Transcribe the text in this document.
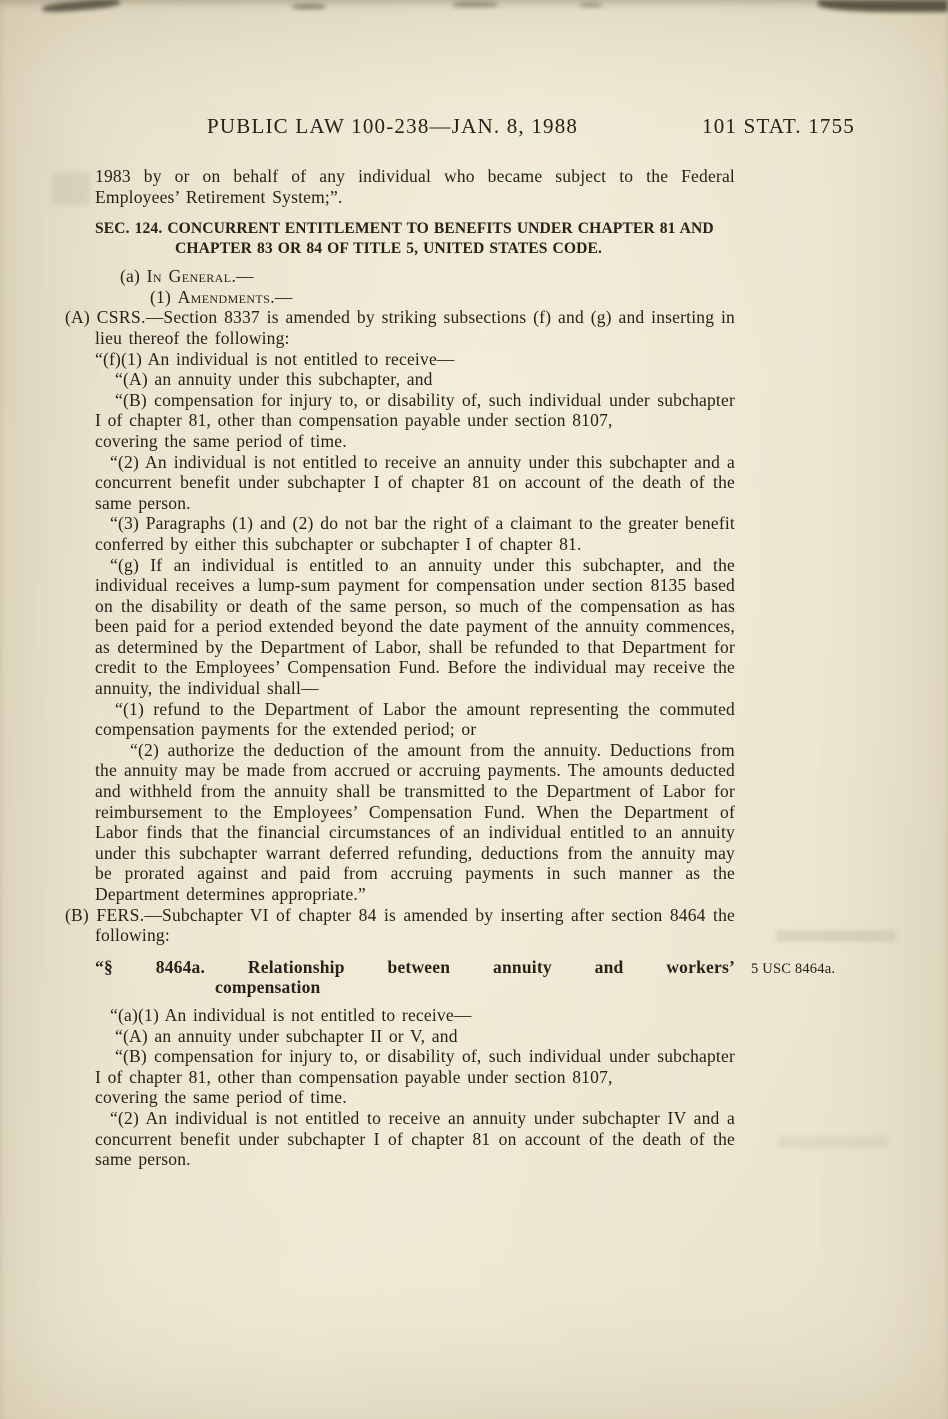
PUBLIC LAW 100-238—JAN. 8, 1988	101 STAT. 1755

1983 by or on behalf of any individual who became subject to the Federal Employees’ Retirement System;”.

SEC. 124. CONCURRENT ENTITLEMENT TO BENEFITS UNDER CHAPTER 81 AND CHAPTER 83 OR 84 OF TITLE 5, UNITED STATES CODE.

(a) In General.—

(1) Amendments.—

(A) CSRS.—Section 8337 is amended by striking subsections (f) and (g) and inserting in lieu thereof the following:

“(f)(1) An individual is not entitled to receive—

“(A) an annuity under this subchapter, and

“(B) compensation for injury to, or disability of, such individual under subchapter I of chapter 81, other than compensation payable under section 8107,

covering the same period of time.

“(2) An individual is not entitled to receive an annuity under this subchapter and a concurrent benefit under subchapter I of chapter 81 on account of the death of the same person.

“(3) Paragraphs (1) and (2) do not bar the right of a claimant to the greater benefit conferred by either this subchapter or subchapter I of chapter 81.

“(g) If an individual is entitled to an annuity under this subchapter, and the individual receives a lump-sum payment for compensation under section 8135 based on the disability or death of the same person, so much of the compensation as has been paid for a period extended beyond the date payment of the annuity commences, as determined by the Department of Labor, shall be refunded to that Department for credit to the Employees’ Compensation Fund. Before the individual may receive the annuity, the individual shall—

“(1) refund to the Department of Labor the amount representing the commuted compensation payments for the extended period; or

“(2) authorize the deduction of the amount from the annuity. Deductions from the annuity may be made from accrued or accruing payments. The amounts deducted and withheld from the annuity shall be transmitted to the Department of Labor for reimbursement to the Employees’ Compensation Fund. When the Department of Labor finds that the financial circumstances of an individual entitled to an annuity under this subchapter warrant deferred refunding, deductions from the annuity may be prorated against and paid from accruing payments in such manner as the Department determines appropriate.”

(B) FERS.—Subchapter VI of chapter 84 is amended by inserting after section 8464 the following:

“§ 8464a. Relationship between annuity and workers’
compensation
5 USC 8464a.

“(a)(1) An individual is not entitled to receive—

“(A) an annuity under subchapter II or V, and

“(B) compensation for injury to, or disability of, such individual under subchapter I of chapter 81, other than compensation payable under section 8107,

covering the same period of time.

“(2) An individual is not entitled to receive an annuity under subchapter IV and a concurrent benefit under subchapter I of chapter 81 on account of the death of the same person.
